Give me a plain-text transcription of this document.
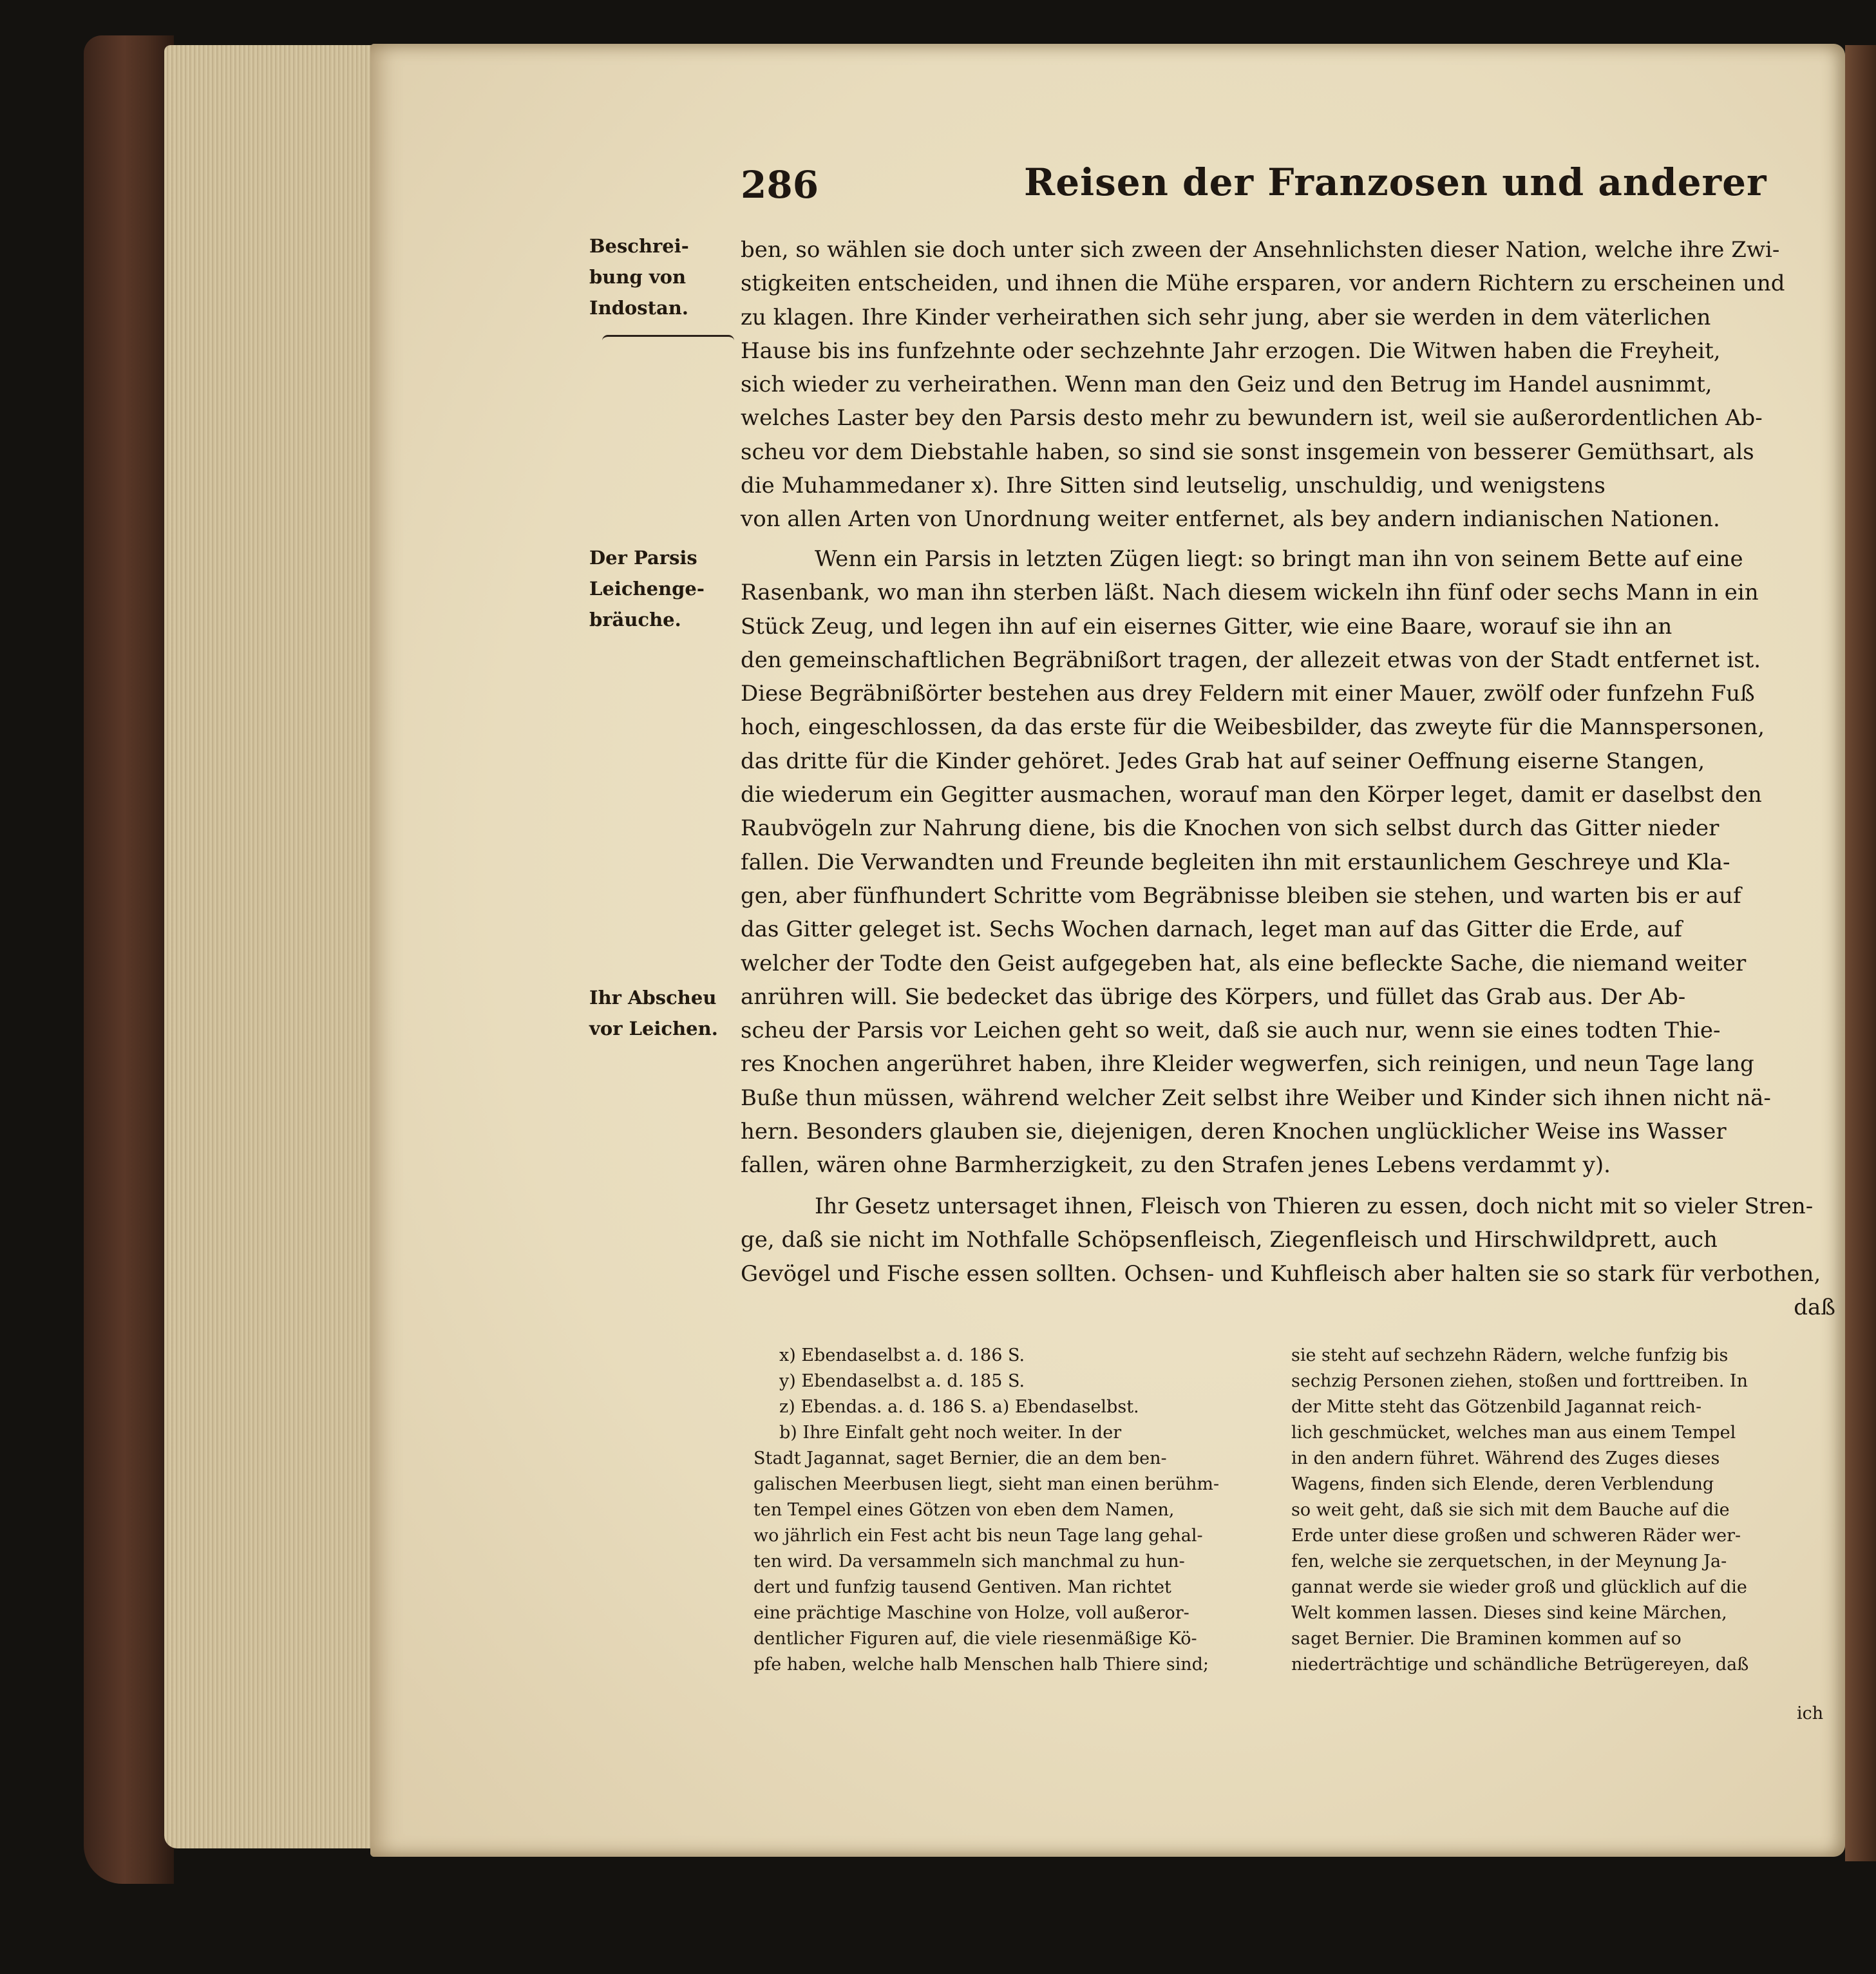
286	Reisen der Franzosen und anderer
Beschrei-
bung von
Indostan.
Der Parsis
Leichenge-
bräuche.
Ihr Abscheu
vor Leichen.
ben, so wählen sie doch unter sich zween der Ansehnlichsten dieser Nation, welche ihre Zwi-
stigkeiten entscheiden, und ihnen die Mühe ersparen, vor andern Richtern zu erscheinen und
zu klagen. Ihre Kinder verheirathen sich sehr jung, aber sie werden in dem väterlichen
Hause bis ins funfzehnte oder sechzehnte Jahr erzogen. Die Witwen haben die Freyheit,
sich wieder zu verheirathen. Wenn man den Geiz und den Betrug im Handel ausnimmt,
welches Laster bey den Parsis desto mehr zu bewundern ist, weil sie außerordentlichen Ab-
scheu vor dem Diebstahle haben, so sind sie sonst insgemein von besserer Gemüthsart, als
die Muhammedaner x). Ihre Sitten sind leutselig, unschuldig, und wenigstens
von allen Arten von Unordnung weiter entfernet, als bey andern indianischen Nationen.
Wenn ein Parsis in letzten Zügen liegt: so bringt man ihn von seinem Bette auf eine
Rasenbank, wo man ihn sterben läßt. Nach diesem wickeln ihn fünf oder sechs Mann in ein
Stück Zeug, und legen ihn auf ein eisernes Gitter, wie eine Baare, worauf sie ihn an
den gemeinschaftlichen Begräbnißort tragen, der allezeit etwas von der Stadt entfernet ist.
Diese Begräbnißörter bestehen aus drey Feldern mit einer Mauer, zwölf oder funfzehn Fuß
hoch, eingeschlossen, da das erste für die Weibesbilder, das zweyte für die Mannspersonen,
das dritte für die Kinder gehöret. Jedes Grab hat auf seiner Oeffnung eiserne Stangen,
die wiederum ein Gegitter ausmachen, worauf man den Körper leget, damit er daselbst den
Raubvögeln zur Nahrung diene, bis die Knochen von sich selbst durch das Gitter nieder
fallen. Die Verwandten und Freunde begleiten ihn mit erstaunlichem Geschreye und Kla-
gen, aber fünfhundert Schritte vom Begräbnisse bleiben sie stehen, und warten bis er auf
das Gitter geleget ist. Sechs Wochen darnach, leget man auf das Gitter die Erde, auf
welcher der Todte den Geist aufgegeben hat, als eine befleckte Sache, die niemand weiter
anrühren will. Sie bedecket das übrige des Körpers, und füllet das Grab aus. Der Ab-
scheu der Parsis vor Leichen geht so weit, daß sie auch nur, wenn sie eines todten Thie-
res Knochen angerühret haben, ihre Kleider wegwerfen, sich reinigen, und neun Tage lang
Buße thun müssen, während welcher Zeit selbst ihre Weiber und Kinder sich ihnen nicht nä-
hern. Besonders glauben sie, diejenigen, deren Knochen unglücklicher Weise ins Wasser
fallen, wären ohne Barmherzigkeit, zu den Strafen jenes Lebens verdammt y).
Ihr Gesetz untersaget ihnen, Fleisch von Thieren zu essen, doch nicht mit so vieler Stren-
ge, daß sie nicht im Nothfalle Schöpsenfleisch, Ziegenfleisch und Hirschwildprett, auch
Gevögel und Fische essen sollten. Ochsen- und Kuhfleisch aber halten sie so stark für verbothen,
daß
x) Ebendaselbst a. d. 186 S.
y) Ebendaselbst a. d. 185 S.
z) Ebendas. a. d. 186 S. a) Ebendaselbst.
b) Ihre Einfalt geht noch weiter. In der
Stadt Jagannat, saget Bernier, die an dem ben-
galischen Meerbusen liegt, sieht man einen berühm-
ten Tempel eines Götzen von eben dem Namen,
wo jährlich ein Fest acht bis neun Tage lang gehal-
ten wird. Da versammeln sich manchmal zu hun-
dert und funfzig tausend Gentiven. Man richtet
eine prächtige Maschine von Holze, voll außeror-
dentlicher Figuren auf, die viele riesenmäßige Kö-
pfe haben, welche halb Menschen halb Thiere sind;
sie steht auf sechzehn Rädern, welche funfzig bis
sechzig Personen ziehen, stoßen und forttreiben. In
der Mitte steht das Götzenbild Jagannat reich-
lich geschmücket, welches man aus einem Tempel
in den andern führet. Während des Zuges dieses
Wagens, finden sich Elende, deren Verblendung
so weit geht, daß sie sich mit dem Bauche auf die
Erde unter diese großen und schweren Räder wer-
fen, welche sie zerquetschen, in der Meynung Ja-
gannat werde sie wieder groß und glücklich auf die
Welt kommen lassen. Dieses sind keine Märchen,
saget Bernier. Die Braminen kommen auf so
niederträchtige und schändliche Betrügereyen, daß
ich
